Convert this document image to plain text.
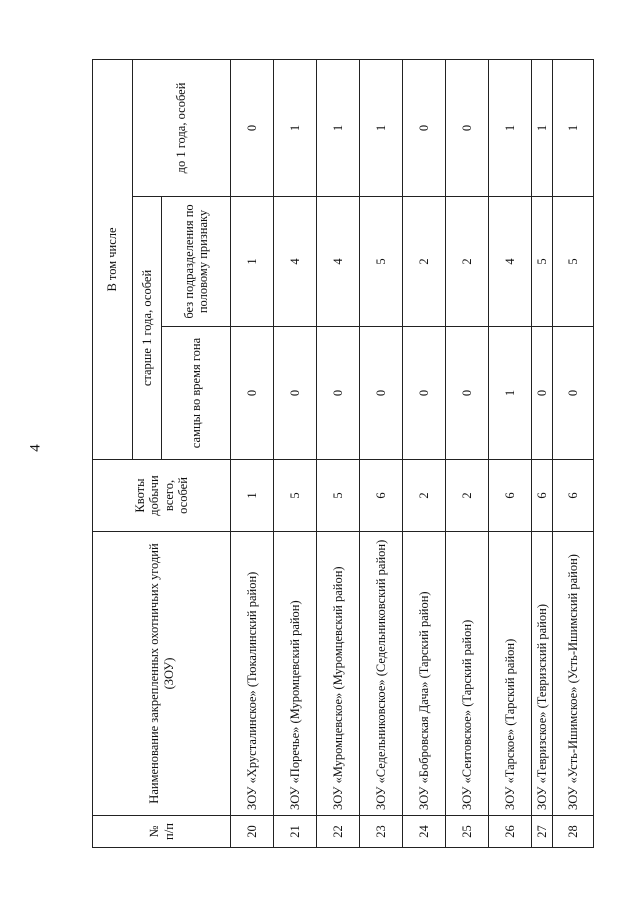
4
№ п/п	Наименование закрепленных охотничьих угодий (ЗОУ)	Квоты добычи всего, особей	В том числе		
			старше 1 года, особей		до 1 года, особей
			самцы во время гона	без подразделения по половому признаку	
20	ЗОУ «Хрусталинское» (Тюкалинский район)	1	0	1	0
21	ЗОУ «Поречье» (Муромцевский район)	5	0	4	1
22	ЗОУ «Муромцевское» (Муромцевский район)	5	0	4	1
23	ЗОУ «Седельниковское» (Седельниковский район)	6	0	5	1
24	ЗОУ «Бобровская Дача» (Тарский район)	2	0	2	0
25	ЗОУ «Сеитовское» (Тарский район)	2	0	2	0
26	ЗОУ «Тарское» (Тарский район)	6	1	4	1
27	ЗОУ «Тевризское» (Тевризский район)	6	0	5	1
28	ЗОУ «Усть-Ишимское» (Усть-Ишимский район)	6	0	5	1
